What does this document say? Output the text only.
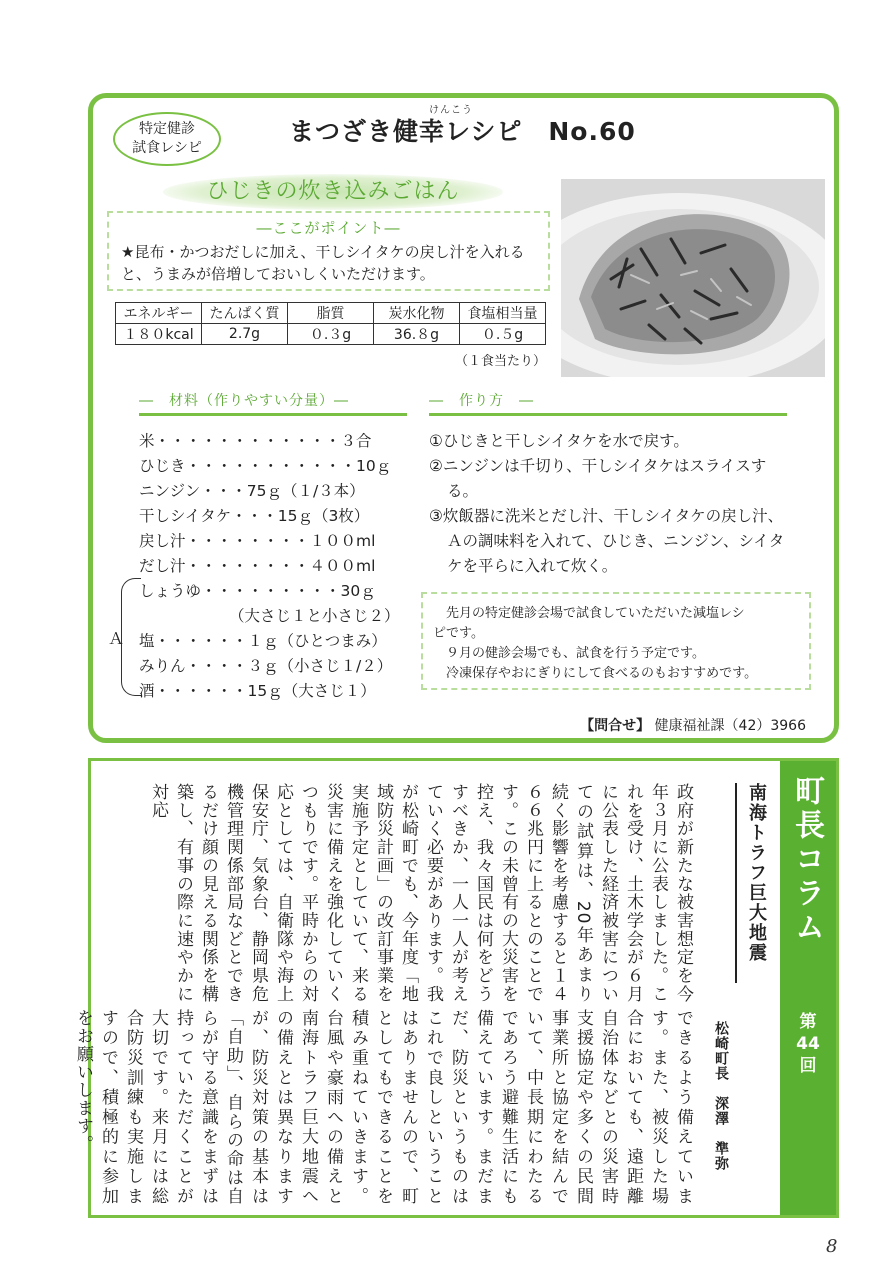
特定健診
試食レシピ
けんこう
まつざき健幸レシピ　No.60
ひじきの炊き込みごはん
―ここがポイント―
★昆布・かつおだしに加え、干しシイタケの戻し汁を入れると、うまみが倍増しておいしくいただけます。
エネルギー	たんぱく質	脂質	炭水化物	食塩相当量
１８０kcal	2.7g	０.３g	36.８g	０.５g
（１食当たり）
―　材料（作りやすい分量）―	―　作り方　―
米・・・・・・・・・・・・３合
ひじき・・・・・・・・・・・10ｇ
ニンジン・・・75ｇ（１/３本）
干しシイタケ・・・15ｇ（3枚）
戻し汁・・・・・・・・１００ml
だし汁・・・・・・・・４００ml
しょうゆ・・・・・・・・・30ｇ
（大さじ１と小さじ２）
塩・・・・・・１ｇ（ひとつまみ）
みりん・・・・３ｇ（小さじ１/２）
酒・・・・・・15ｇ（大さじ１）
Ａ
①ひじきと干しシイタケを水で戻す。
②ニンジンは千切り、干しシイタケはスライスする。
③炊飯器に洗米とだし汁、干しシイタケの戻し汁、Ａの調味料を入れて、ひじき、ニンジン、シイタケを平らに入れて炊く。
先月の特定健診会場で試食していただいた減塩レシ
ピです。
９月の健診会場でも、試食を行う予定です。
冷凍保存やおにぎりにして食べるのもおすすめです。
【問合せ】 健康福祉課（42）3966
町長コラム
第
44
回
南海トラフ巨大地震
松崎町長　深澤　準弥
政府が新たな被害想定を今年３月に公表しました。これを受け、土木学会が６月に公表した経済被害についての試算は、20年あまり続く影響を考慮すると１４６６兆円に上るとのことです。この未曾有の大災害を控え、我々国民は何をどうすべきか、一人一人が考えていく必要があります。我が松崎町でも、今年度「地域防災計画」の改訂事業を実施予定としていて、来る災害に備えを強化していくつもりです。平時からの対応としては、自衛隊や海上保安庁、気象台、静岡県危機管理関係部局などとできるだけ顔の見える関係を構築し、有事の際に速やかに対応
できるよう備えています。また、被災した場合においても、遠距離自治体などとの災害時支援協定や多くの民間事業所と協定を結んでいて、中長期にわたるであろう避難生活にも備えています。まだまだ、防災というものはこれで良しということはありませんので、町としてもできることを積み重ねていきます。台風や豪雨への備えと南海トラフ巨大地震への備えとは異なりますが、防災対策の基本は「自助」、自らの命は自らが守る意識をまずは持っていただくことが大切です。来月には総合防災訓練も実施しますので、積極的に参加をお願いします。
8
